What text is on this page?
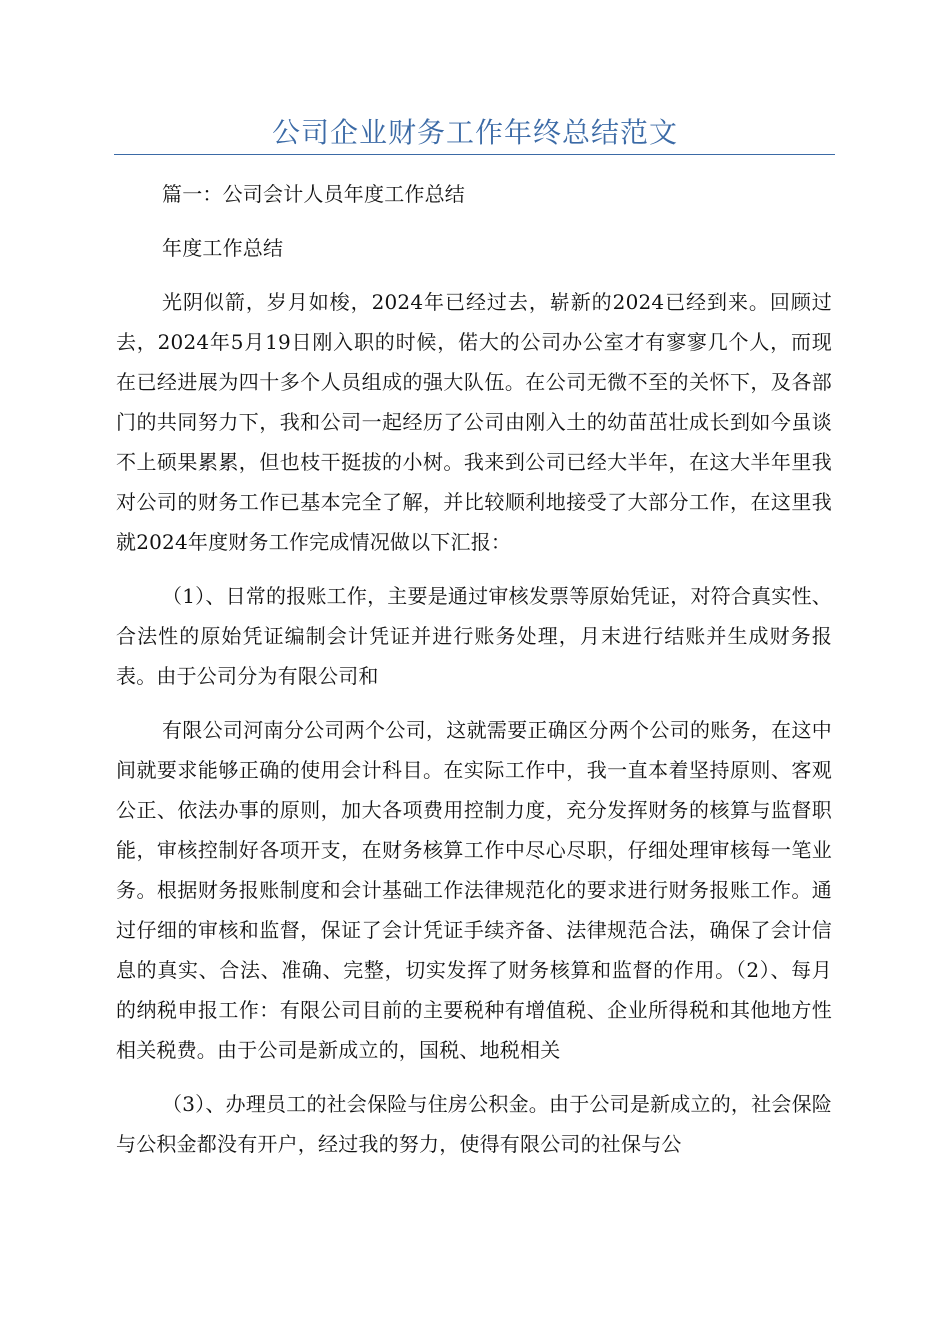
公司企业财务工作年终总结范文

篇一：公司会计人员年度工作总结

年度工作总结

光阴似箭，岁月如梭，2024年已经过去，崭新的2024已经到来。回顾过去，2024年5月19日刚入职的时候，偌大的公司办公室才有寥寥几个人，而现在已经进展为四十多个人员组成的强大队伍。在公司无微不至的关怀下，及各部门的共同努力下，我和公司一起经历了公司由刚入土的幼苗茁壮成长到如今虽谈不上硕果累累，但也枝干挺拔的小树。我来到公司已经大半年，在这大半年里我对公司的财务工作已基本完全了解，并比较顺利地接受了大部分工作，在这里我就2024年度财务工作完成情况做以下汇报：

（1）、日常的报账工作，主要是通过审核发票等原始凭证，对符合真实性、合法性的原始凭证编制会计凭证并进行账务处理，月末进行结账并生成财务报表。由于公司分为有限公司和

有限公司河南分公司两个公司，这就需要正确区分两个公司的账务，在这中间就要求能够正确的使用会计科目。在实际工作中，我一直本着坚持原则、客观公正、依法办事的原则，加大各项费用控制力度，充分发挥财务的核算与监督职能，审核控制好各项开支，在财务核算工作中尽心尽职，仔细处理审核每一笔业务。根据财务报账制度和会计基础工作法律规范化的要求进行财务报账工作。通过仔细的审核和监督，保证了会计凭证手续齐备、法律规范合法，确保了会计信息的真实、合法、准确、完整，切实发挥了财务核算和监督的作用。（2）、每月的纳税申报工作：有限公司目前的主要税种有增值税、企业所得税和其他地方性相关税费。由于公司是新成立的，国税、地税相关

（3）、办理员工的社会保险与住房公积金。由于公司是新成立的，社会保险与公积金都没有开户，经过我的努力，使得有限公司的社保与公
